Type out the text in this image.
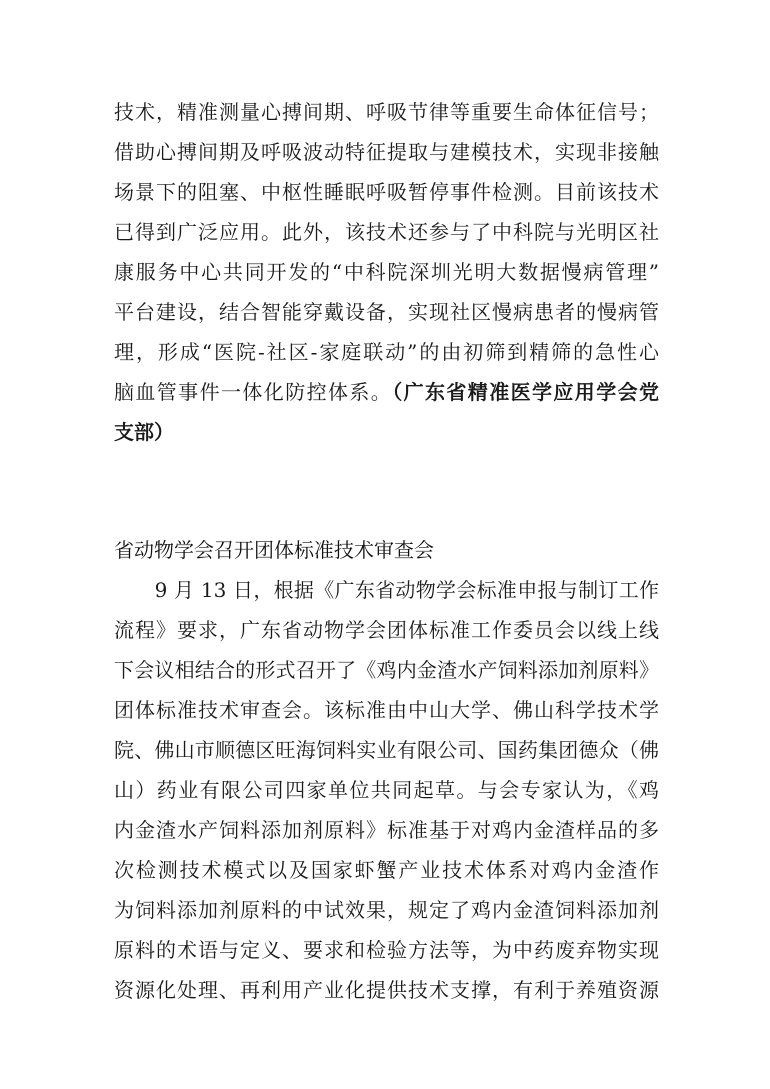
技术，精准测量心搏间期、呼吸节律等重要生命体征信号；
借助心搏间期及呼吸波动特征提取与建模技术，实现非接触
场景下的阻塞、中枢性睡眠呼吸暂停事件检测。目前该技术
已得到广泛应用。此外，该技术还参与了中科院与光明区社
康服务中心共同开发的“中科院深圳光明大数据慢病管理”
平台建设，结合智能穿戴设备，实现社区慢病患者的慢病管
理，形成“医院-社区-家庭联动”的由初筛到精筛的急性心
脑血管事件一体化防控体系。（广东省精准医学应用学会党
支部）
省动物学会召开团体标准技术审查会
　　9 月 13 日，根据《广东省动物学会标准申报与制订工作
流程》要求，广东省动物学会团体标准工作委员会以线上线
下会议相结合的形式召开了《鸡内金渣水产饲料添加剂原料》
团体标准技术审查会。该标准由中山大学、佛山科学技术学
院、佛山市顺德区旺海饲料实业有限公司、国药集团德众（佛
山）药业有限公司四家单位共同起草。与会专家认为，《鸡
内金渣水产饲料添加剂原料》标准基于对鸡内金渣样品的多
次检测技术模式以及国家虾蟹产业技术体系对鸡内金渣作
为饲料添加剂原料的中试效果，规定了鸡内金渣饲料添加剂
原料的术语与定义、要求和检验方法等，为中药废弃物实现
资源化处理、再利用产业化提供技术支撑，有利于养殖资源
